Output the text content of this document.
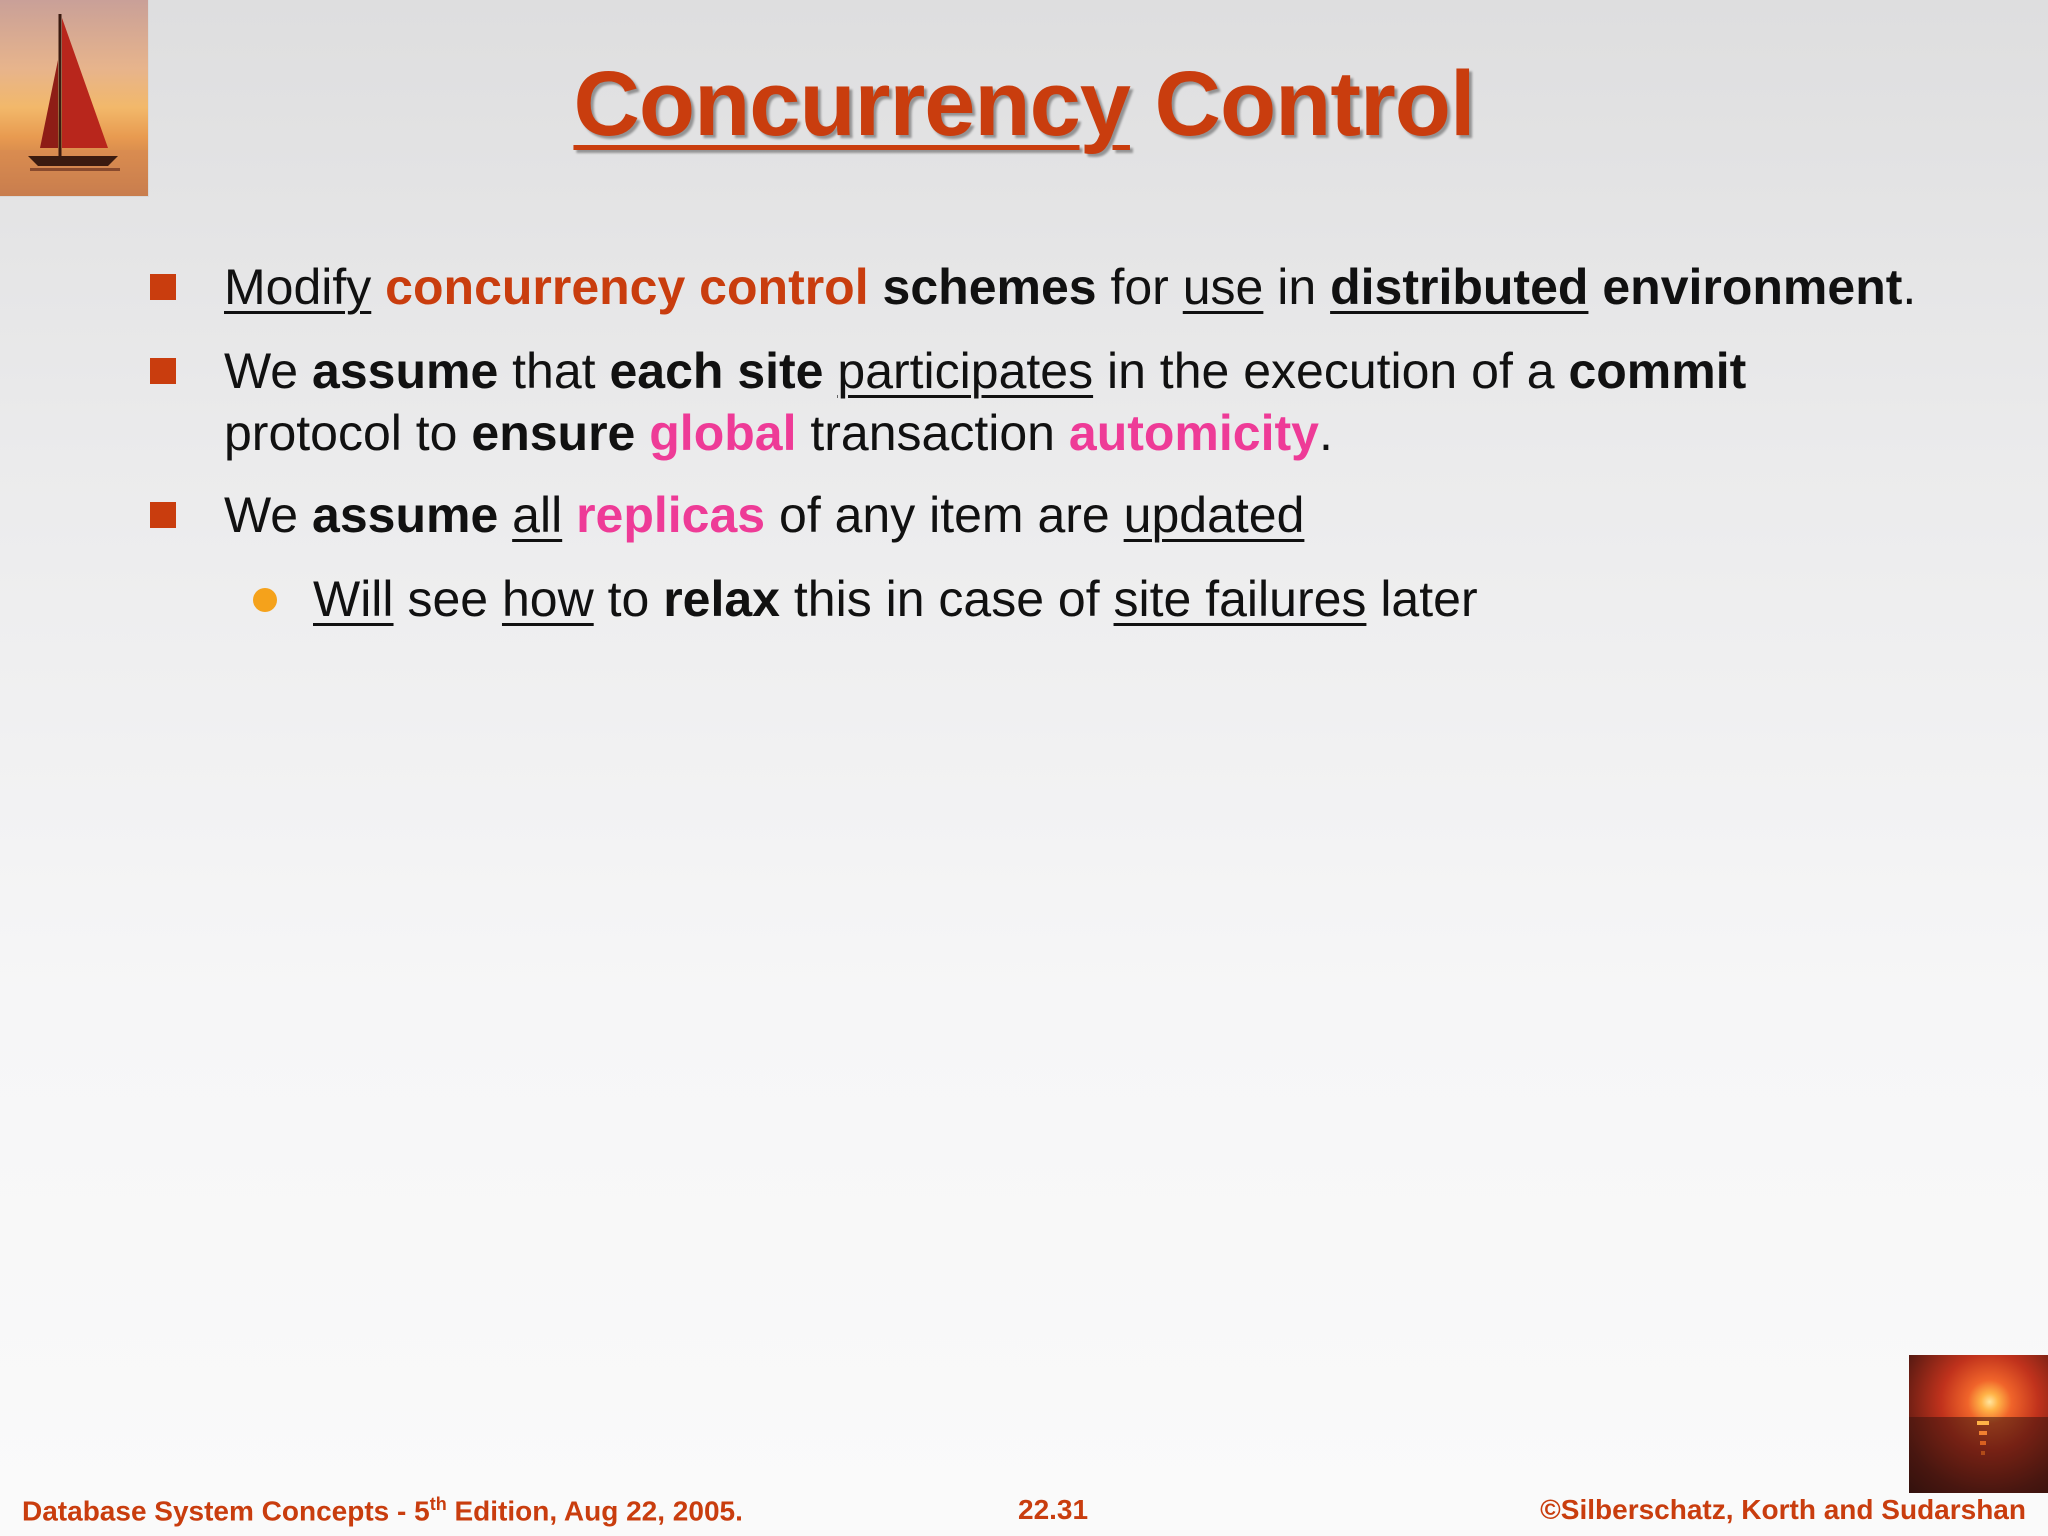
Concurrency Control
Modify concurrency control schemes for use in distributed environment.
We assume that each site participates in the execution of a commit
protocol to ensure global transaction automicity.
We assume all replicas of any item are updated
Will see how to relax this in case of site failures later
Database System Concepts - 5th Edition, Aug 22, 2005.	22.31	©Silberschatz, Korth and Sudarshan
